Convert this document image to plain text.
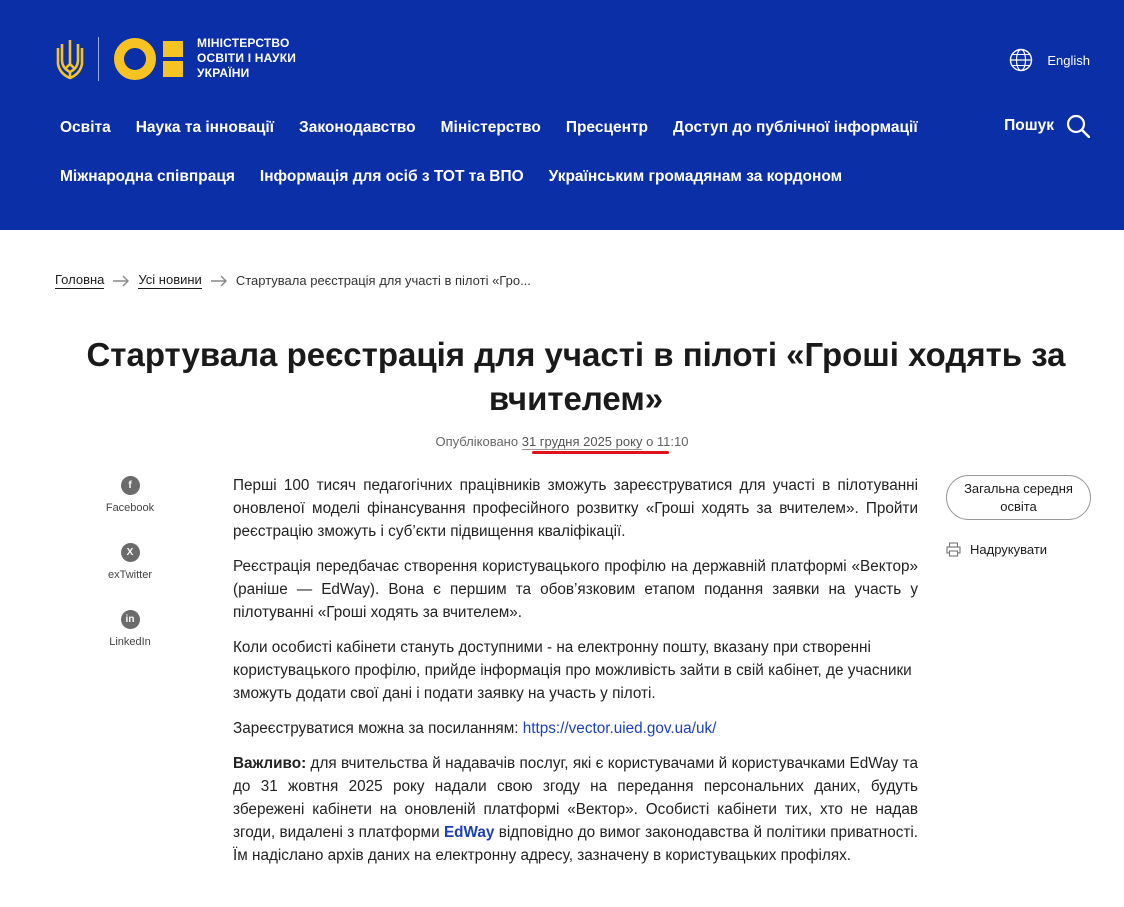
МІНІСТЕРСТВО
ОСВІТИ І НАУКИ
УКРАЇНИ
English
Освіта Наука та інновації Законодавство Міністерство Пресцентр Доступ до публічної інформації
Міжнародна співпраця Інформація для осіб з ТОТ та ВПО Українським громадянам за кордоном
Пошук
Головна	Усі новини	Стартувала реєстрація для участі в пілоті «Гро...
Стартувала реєстрація для участі в пілоті «Гроші ходять за вчителем»
Опубліковано 31 грудня 2025 року о 11:10
f
Facebook
X
exTwitter
in
LinkedIn

Перші 100 тисяч педагогічних працівників зможуть зареєструватися для участі в пілотуванні оновленої моделі фінансування професійного розвитку «Гроші ходять за вчителем». Пройти реєстрацію зможуть і суб’єкти підвищення кваліфікації.

Реєстрація передбачає створення користувацького профілю на державній платформі «Вектор» (раніше — EdWay). Вона є першим та обов’язковим етапом подання заявки на участь у пілотуванні «Гроші ходять за вчителем».

Коли особисті кабінети стануть доступними - на електронну пошту, вказану при створенні користувацького профілю, прийде інформація про можливість зайти в свій кабінет, де учасники зможуть додати свої дані і подати заявку на участь у пілоті.

Зареєструватися можна за посиланням: https://vector.uied.gov.ua/uk/

Важливо: для вчительства й надавачів послуг, які є користувачами й користувачками EdWay та до 31 жовтня 2025 року надали свою згоду на передання персональних даних, будуть збережені кабінети на оновленій платформі «Вектор». Особисті кабінети тих, хто не надав згоди, видалені з платформи EdWay відповідно до вимог законодавства й політики приватності. Їм надіслано архів даних на електронну адресу, зазначену в користувацьких профілях.

Загальна середня освіта
Надрукувати
